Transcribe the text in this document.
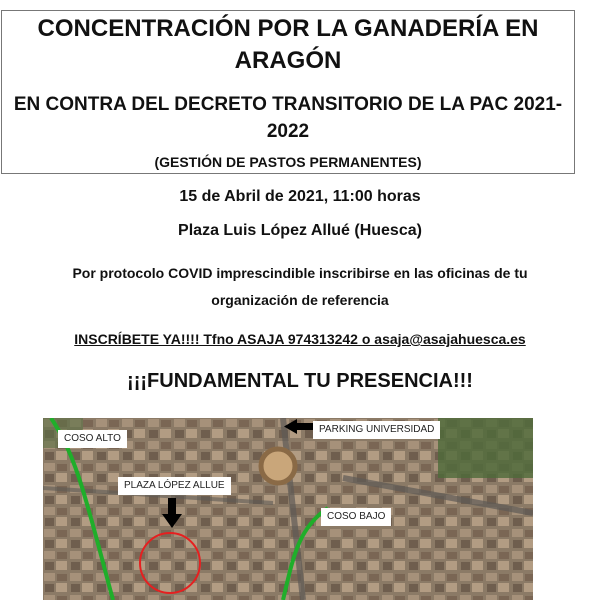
CONCENTRACIÓN POR LA GANADERÍA EN ARAGÓN
EN CONTRA DEL DECRETO TRANSITORIO DE LA PAC 2021-2022
(GESTIÓN DE PASTOS PERMANENTES)
15 de Abril de 2021, 11:00 horas
Plaza Luis López Allué (Huesca)
Por protocolo COVID imprescindible inscribirse en las oficinas de tu
organización de referencia
INSCRÍBETE YA!!!! Tfno ASAJA 974313242 o asaja@asajahuesca.es
¡¡¡FUNDAMENTAL TU PRESENCIA!!!
COSO ALTO
PARKING UNIVERSIDAD
PLAZA LÓPEZ ALLUE
COSO BAJO
